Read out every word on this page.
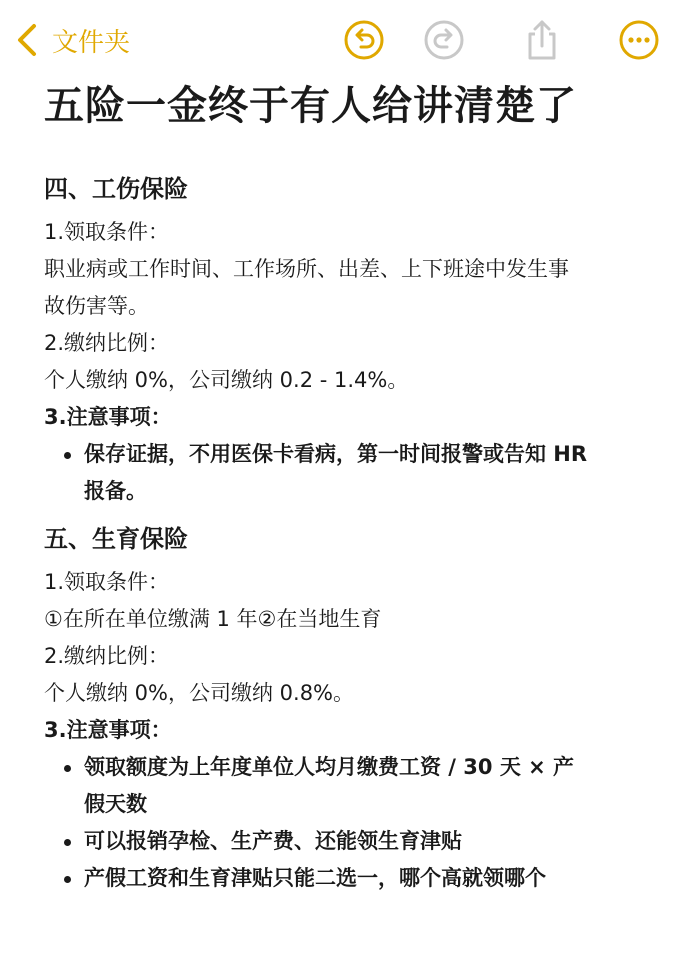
文件夹
五险一金终于有人给讲清楚了
四、工伤保险

1.领取条件：

职业病或工作时间、工作场所、出差、上下班途中发生事

故伤害等。

2.缴纳比例：

个人缴纳 0%，公司缴纳 0.2 - 1.4%。

3.注意事项：

保存证据，不用医保卡看病，第一时间报警或告知 HR
报备。
五、生育保险

1.领取条件：

①在所在单位缴满 1 年②在当地生育

2.缴纳比例：

个人缴纳 0%，公司缴纳 0.8%。

3.注意事项：

领取额度为上年度单位人均月缴费工资 / 30 天 × 产
假天数
可以报销孕检、生产费、还能领生育津贴
产假工资和生育津贴只能二选一，哪个高就领哪个
